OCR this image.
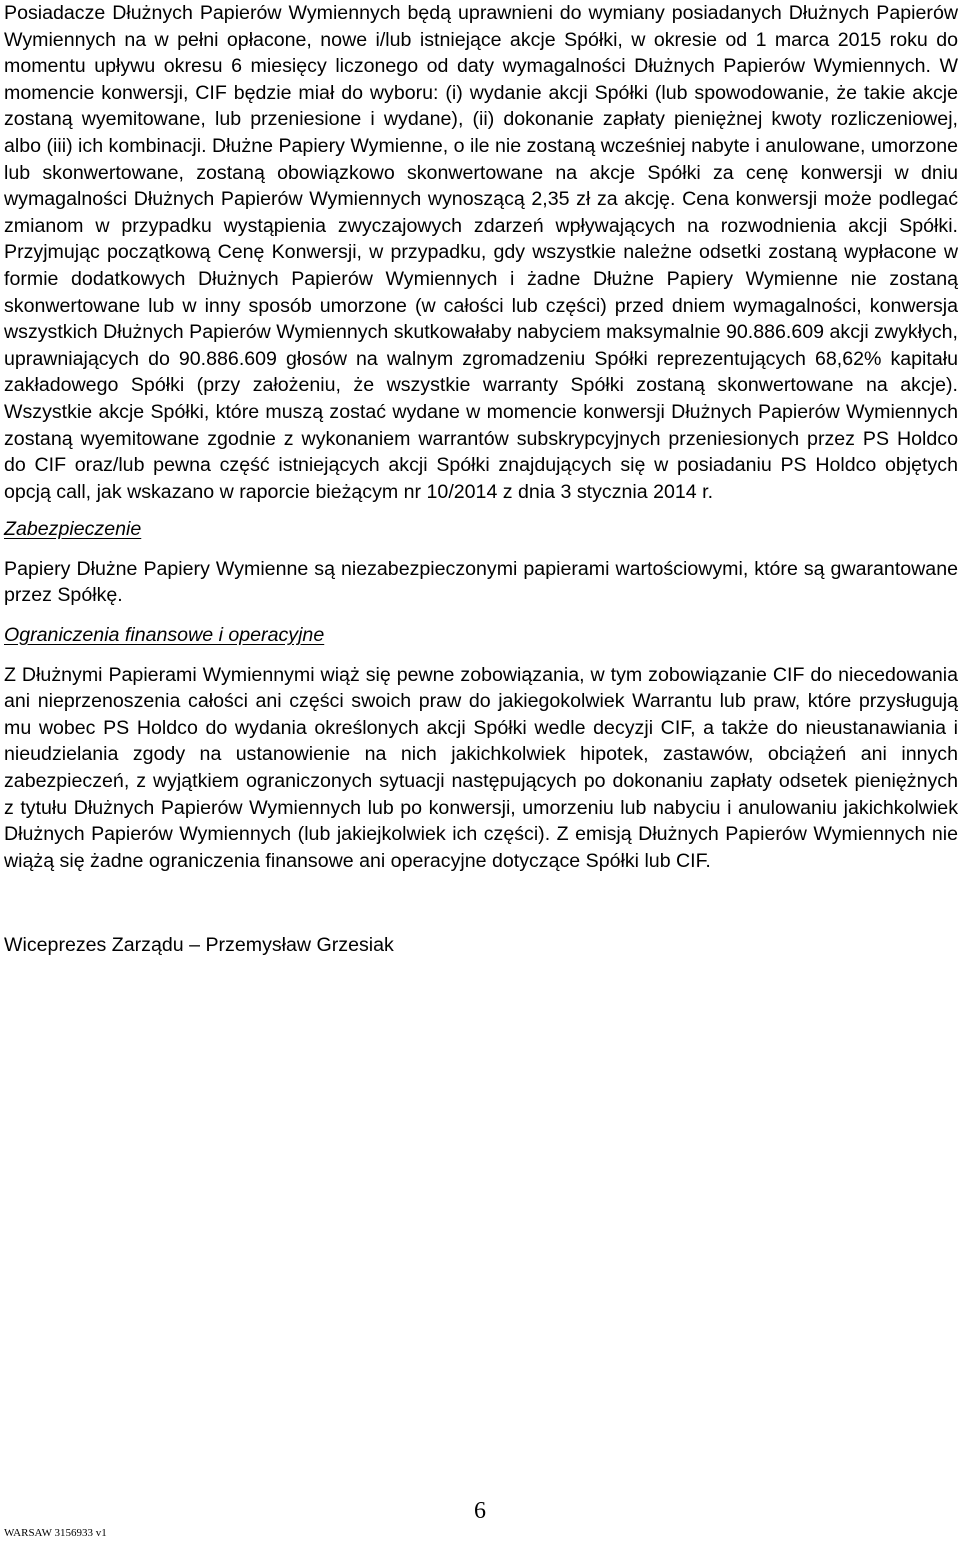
Posiadacze Dłużnych Papierów Wymiennych będą uprawnieni do wymiany posiadanych Dłużnych Papierów Wymiennych na w pełni opłacone, nowe i/lub istniejące akcje Spółki, w okresie od 1 marca 2015 roku do momentu upływu okresu 6 miesięcy liczonego od daty wymagalności Dłużnych Papierów Wymiennych. W momencie konwersji, CIF będzie miał do wyboru: (i) wydanie akcji Spółki (lub spowodowanie, że takie akcje zostaną wyemitowane, lub przeniesione i wydane), (ii) dokonanie zapłaty pieniężnej kwoty rozliczeniowej, albo (iii) ich kombinacji. Dłużne Papiery Wymienne, o ile nie zostaną wcześniej nabyte i anulowane, umorzone lub skonwertowane, zostaną obowiązkowo skonwertowane na akcje Spółki za cenę konwersji w dniu wymagalności Dłużnych Papierów Wymiennych wynoszącą 2,35 zł za akcję. Cena konwersji może podlegać zmianom w przypadku wystąpienia zwyczajowych zdarzeń wpływających na rozwodnienia akcji Spółki. Przyjmując początkową Cenę Konwersji, w przypadku, gdy wszystkie należne odsetki zostaną wypłacone w formie dodatkowych Dłużnych Papierów Wymiennych i żadne Dłużne Papiery Wymienne nie zostaną skonwertowane lub w inny sposób umorzone (w całości lub części) przed dniem wymagalności, konwersja wszystkich Dłużnych Papierów Wymiennych skutkowałaby nabyciem maksymalnie 90.886.609 akcji zwykłych, uprawniających do 90.886.609 głosów na walnym zgromadzeniu Spółki reprezentujących 68,62% kapitału zakładowego Spółki (przy założeniu, że wszystkie warranty Spółki zostaną skonwertowane na akcje). Wszystkie akcje Spółki, które muszą zostać wydane w momencie konwersji Dłużnych Papierów Wymiennych zostaną wyemitowane zgodnie z wykonaniem warrantów subskrypcyjnych przeniesionych przez PS Holdco do CIF oraz/lub pewna część istniejących akcji Spółki znajdujących się w posiadaniu PS Holdco objętych opcją call, jak wskazano w raporcie bieżącym nr 10/2014 z dnia 3 stycznia 2014 r.

Zabezpieczenie

Papiery Dłużne Papiery Wymienne są niezabezpieczonymi papierami wartościowymi, które są gwarantowane przez Spółkę.

Ograniczenia finansowe i operacyjne

Z Dłużnymi Papierami Wymiennymi wiąż się pewne zobowiązania, w tym zobowiązanie CIF do niecedowania ani nieprzenoszenia całości ani części swoich praw do jakiegokolwiek Warrantu lub praw, które przysługują mu wobec PS Holdco do wydania określonych akcji Spółki wedle decyzji CIF, a także do nieustanawiania i nieudzielania zgody na ustanowienie na nich jakichkolwiek hipotek, zastawów, obciążeń ani innych zabezpieczeń, z wyjątkiem ograniczonych sytuacji następujących po dokonaniu zapłaty odsetek pieniężnych z tytułu Dłużnych Papierów Wymiennych lub po konwersji, umorzeniu lub nabyciu i anulowaniu jakichkolwiek Dłużnych Papierów Wymiennych (lub jakiejkolwiek ich części). Z emisją Dłużnych Papierów Wymiennych nie wiążą się żadne ograniczenia finansowe ani operacyjne dotyczące Spółki lub CIF.

Wiceprezes Zarządu – Przemysław Grzesiak

6

WARSAW 3156933 v1
